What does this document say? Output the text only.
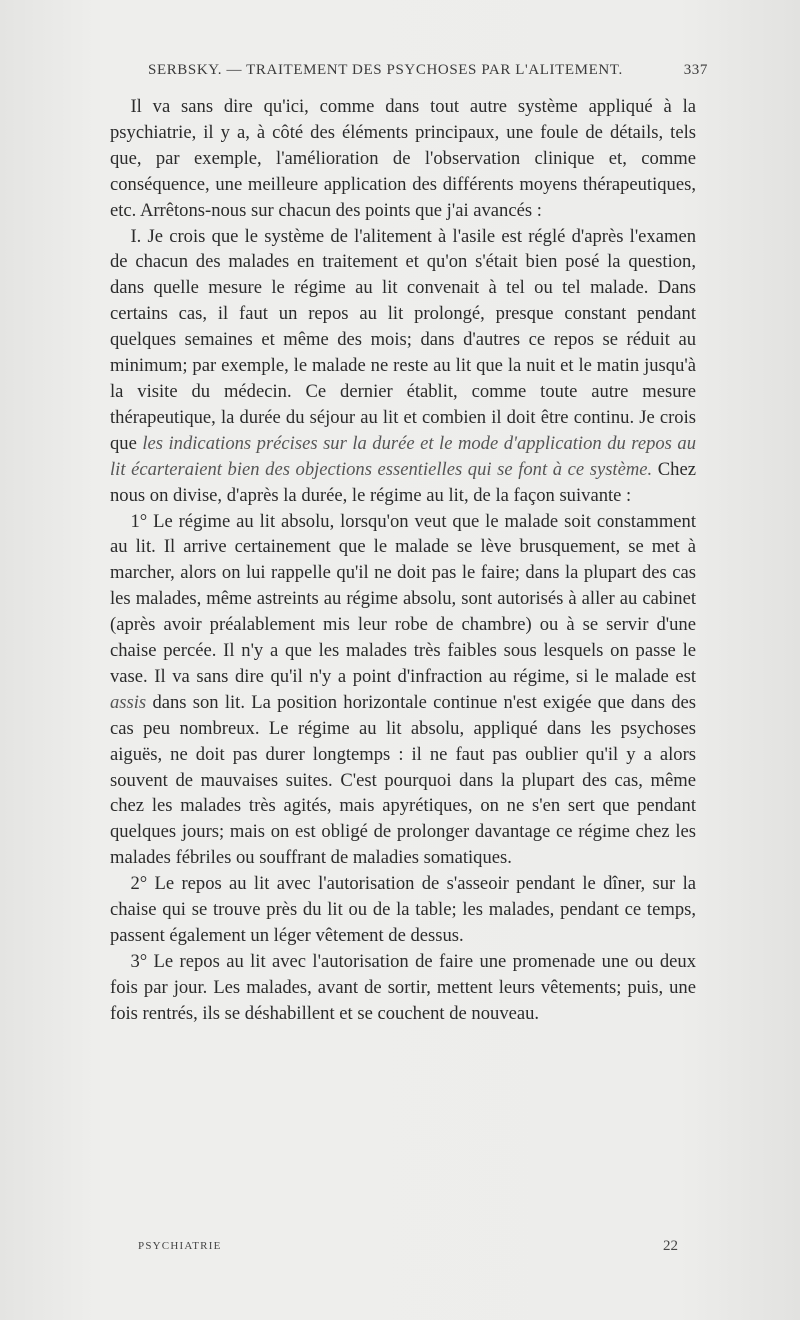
SERBSKY. — TRAITEMENT DES PSYCHOSES PAR L'ALITEMENT.	337

Il va sans dire qu'ici, comme dans tout autre système appliqué à la psychiatrie, il y a, à côté des éléments principaux, une foule de détails, tels que, par exemple, l'amélioration de l'observation clinique et, comme conséquence, une meilleure application des différents moyens thérapeutiques, etc. Arrêtons-nous sur chacun des points que j'ai avancés :

I. Je crois que le système de l'alitement à l'asile est réglé d'après l'examen de chacun des malades en traitement et qu'on s'était bien posé la question, dans quelle mesure le régime au lit convenait à tel ou tel malade. Dans certains cas, il faut un repos au lit prolongé, presque constant pendant quelques semaines et même des mois; dans d'autres ce repos se réduit au minimum; par exemple, le malade ne reste au lit que la nuit et le matin jusqu'à la visite du médecin. Ce dernier établit, comme toute autre mesure thérapeutique, la durée du séjour au lit et combien il doit être continu. Je crois que les indications précises sur la durée et le mode d'application du repos au lit écarteraient bien des objections essentielles qui se font à ce système. Chez nous on divise, d'après la durée, le régime au lit, de la façon suivante :

1° Le régime au lit absolu, lorsqu'on veut que le malade soit constamment au lit. Il arrive certainement que le malade se lève brusquement, se met à marcher, alors on lui rappelle qu'il ne doit pas le faire; dans la plupart des cas les malades, même astreints au régime absolu, sont autorisés à aller au cabinet (après avoir préalablement mis leur robe de chambre) ou à se servir d'une chaise percée. Il n'y a que les malades très faibles sous lesquels on passe le vase. Il va sans dire qu'il n'y a point d'infraction au régime, si le malade est assis dans son lit. La position horizontale continue n'est exigée que dans des cas peu nombreux. Le régime au lit absolu, appliqué dans les psychoses aiguës, ne doit pas durer longtemps : il ne faut pas oublier qu'il y a alors souvent de mauvaises suites. C'est pourquoi dans la plupart des cas, même chez les malades très agités, mais apyrétiques, on ne s'en sert que pendant quelques jours; mais on est obligé de prolonger davantage ce régime chez les malades fébriles ou souffrant de maladies somatiques.

2° Le repos au lit avec l'autorisation de s'asseoir pendant le dîner, sur la chaise qui se trouve près du lit ou de la table; les malades, pendant ce temps, passent également un léger vêtement de dessus.

3° Le repos au lit avec l'autorisation de faire une promenade une ou deux fois par jour. Les malades, avant de sortir, mettent leurs vêtements; puis, une fois rentrés, ils se déshabillent et se couchent de nouveau.

PSYCHIATRIE	22
